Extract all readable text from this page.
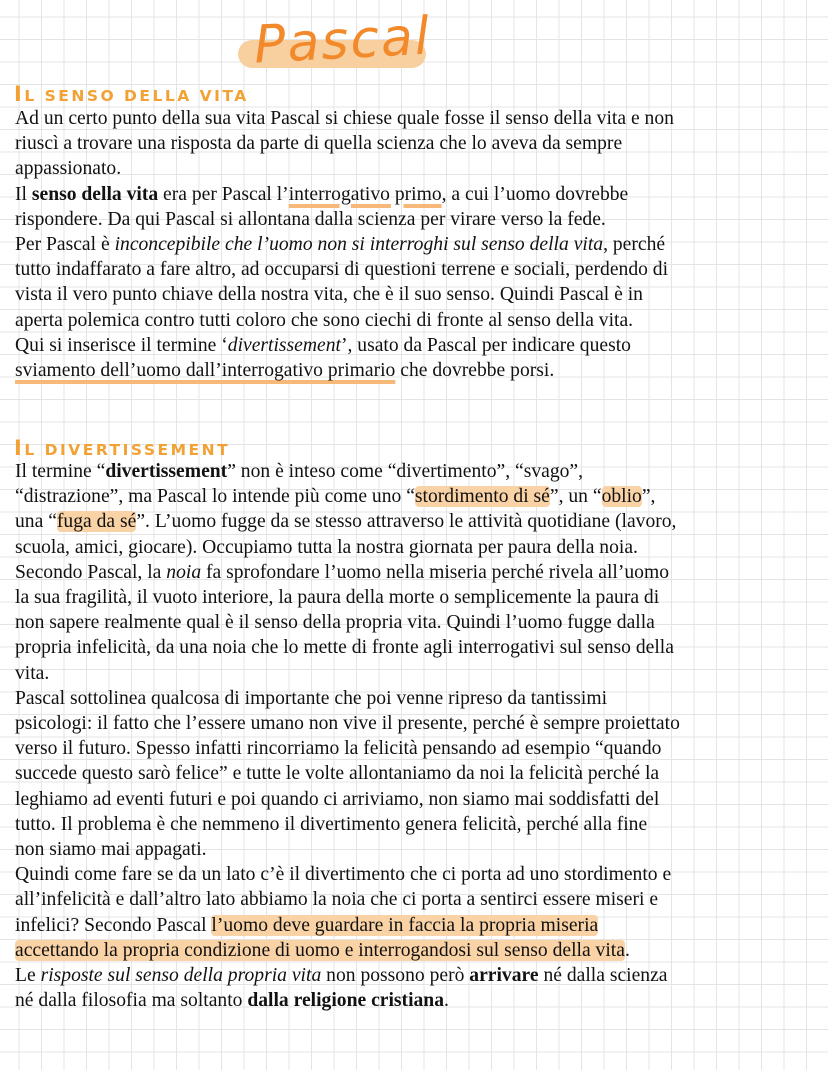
Pascal
IL SENSO DELLA VITA
Ad un certo punto della sua vita Pascal si chiese quale fosse il senso della vita e non
riuscì a trovare una risposta da parte di quella scienza che lo aveva da sempre
appassionato.
Il senso della vita era per Pascal l’interrogativo primo, a cui l’uomo dovrebbe
rispondere. Da qui Pascal si allontana dalla scienza per virare verso la fede.
Per Pascal è inconcepibile che l’uomo non si interroghi sul senso della vita, perché
tutto indaffarato a fare altro, ad occuparsi di questioni terrene e sociali, perdendo di
vista il vero punto chiave della nostra vita, che è il suo senso. Quindi Pascal è in
aperta polemica contro tutti coloro che sono ciechi di fronte al senso della vita.
Qui si inserisce il termine ‘divertissement’, usato da Pascal per indicare questo
sviamento dell’uomo dall’interrogativo primario che dovrebbe porsi.
IL DIVERTISSEMENT
Il termine “divertissement” non è inteso come “divertimento”, “svago”,
“distrazione”, ma Pascal lo intende più come uno “stordimento di sé”, un “oblio”,
una “fuga da sé”. L’uomo fugge da se stesso attraverso le attività quotidiane (lavoro,
scuola, amici, giocare). Occupiamo tutta la nostra giornata per paura della noia.
Secondo Pascal, la noia fa sprofondare l’uomo nella miseria perché rivela all’uomo
la sua fragilità, il vuoto interiore, la paura della morte o semplicemente la paura di
non sapere realmente qual è il senso della propria vita. Quindi l’uomo fugge dalla
propria infelicità, da una noia che lo mette di fronte agli interrogativi sul senso della
vita.
Pascal sottolinea qualcosa di importante che poi venne ripreso da tantissimi
psicologi: il fatto che l’essere umano non vive il presente, perché è sempre proiettato
verso il futuro. Spesso infatti rincorriamo la felicità pensando ad esempio “quando
succede questo sarò felice” e tutte le volte allontaniamo da noi la felicità perché la
leghiamo ad eventi futuri e poi quando ci arriviamo, non siamo mai soddisfatti del
tutto. Il problema è che nemmeno il divertimento genera felicità, perché alla fine
non siamo mai appagati.
Quindi come fare se da un lato c’è il divertimento che ci porta ad uno stordimento e
all’infelicità e dall’altro lato abbiamo la noia che ci porta a sentirci essere miseri e
infelici? Secondo Pascal l’uomo deve guardare in faccia la propria miseria
accettando la propria condizione di uomo e interrogandosi sul senso della vita.
Le risposte sul senso della propria vita non possono però arrivare né dalla scienza
né dalla filosofia ma soltanto dalla religione cristiana.
